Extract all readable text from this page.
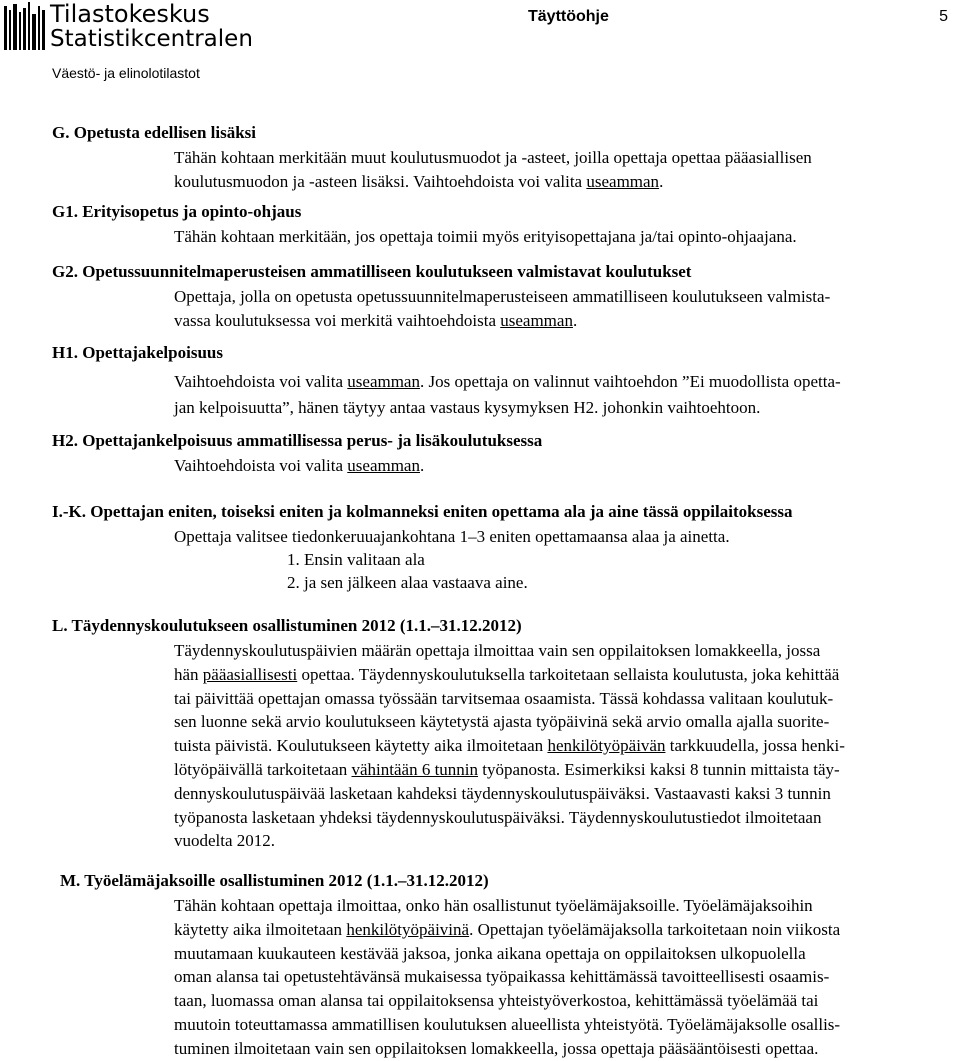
Tilastokeskus
Statistikcentralen
Täyttöohje	5
Väestö- ja elinolotilastot
G. Opetusta edellisen lisäksi
Tähän kohtaan merkitään muut koulutusmuodot ja -asteet, joilla opettaja opettaa pääasiallisen
koulutusmuodon ja -asteen lisäksi. Vaihtoehdoista voi valita useamman.
G1. Erityisopetus ja opinto-ohjaus
Tähän kohtaan merkitään, jos opettaja toimii myös erityisopettajana ja/tai opinto-ohjaajana.
G2. Opetussuunnitelmaperusteisen ammatilliseen koulutukseen valmistavat koulutukset
Opettaja, jolla on opetusta opetussuunnitelmaperusteiseen ammatilliseen koulutukseen valmista-
vassa koulutuksessa voi merkitä vaihtoehdoista useamman.
H1. Opettajakelpoisuus
Vaihtoehdoista voi valita useamman. Jos opettaja on valinnut vaihtoehdon ”Ei muodollista opetta-
jan kelpoisuutta”, hänen täytyy antaa vastaus kysymyksen H2. johonkin vaihtoehtoon.
H2. Opettajankelpoisuus ammatillisessa perus- ja lisäkoulutuksessa
Vaihtoehdoista voi valita useamman.
I.-K. Opettajan eniten, toiseksi eniten ja kolmanneksi eniten opettama ala ja aine tässä oppilaitoksessa
Opettaja valitsee tiedonkeruuajankohtana 1–3 eniten opettamaansa alaa ja ainetta.
1. Ensin valitaan ala
2. ja sen jälkeen alaa vastaava aine.
L. Täydennyskoulutukseen osallistuminen 2012 (1.1.–31.12.2012)
Täydennyskoulutuspäivien määrän opettaja ilmoittaa vain sen oppilaitoksen lomakkeella, jossa
hän pääasiallisesti opettaa. Täydennyskoulutuksella tarkoitetaan sellaista koulutusta, joka kehittää
tai päivittää opettajan omassa työssään tarvitsemaa osaamista. Tässä kohdassa valitaan koulutuk-
sen luonne sekä arvio koulutukseen käytetystä ajasta työpäivinä sekä arvio omalla ajalla suorite-
tuista päivistä. Koulutukseen käytetty aika ilmoitetaan henkilötyöpäivän tarkkuudella, jossa henki-
lötyöpäivällä tarkoitetaan vähintään 6 tunnin työpanosta. Esimerkiksi kaksi 8 tunnin mittaista täy-
dennyskoulutuspäivää lasketaan kahdeksi täydennyskoulutuspäiväksi. Vastaavasti kaksi 3 tunnin
työpanosta lasketaan yhdeksi täydennyskoulutuspäiväksi. Täydennyskoulutustiedot ilmoitetaan
vuodelta 2012.
M. Työelämäjaksoille osallistuminen 2012 (1.1.–31.12.2012)
Tähän kohtaan opettaja ilmoittaa, onko hän osallistunut työelämäjaksoille. Työelämäjaksoihin
käytetty aika ilmoitetaan henkilötyöpäivinä. Opettajan työelämäjaksolla tarkoitetaan noin viikosta
muutamaan kuukauteen kestävää jaksoa, jonka aikana opettaja on oppilaitoksen ulkopuolella
oman alansa tai opetustehtävänsä mukaisessa työpaikassa kehittämässä tavoitteellisesti osaamis-
taan, luomassa oman alansa tai oppilaitoksensa yhteistyöverkostoa, kehittämässä työelämää tai
muutoin toteuttamassa ammatillisen koulutuksen alueellista yhteistyötä. Työelämäjaksolle osallis-
tuminen ilmoitetaan vain sen oppilaitoksen lomakkeella, jossa opettaja pääsääntöisesti opettaa.
